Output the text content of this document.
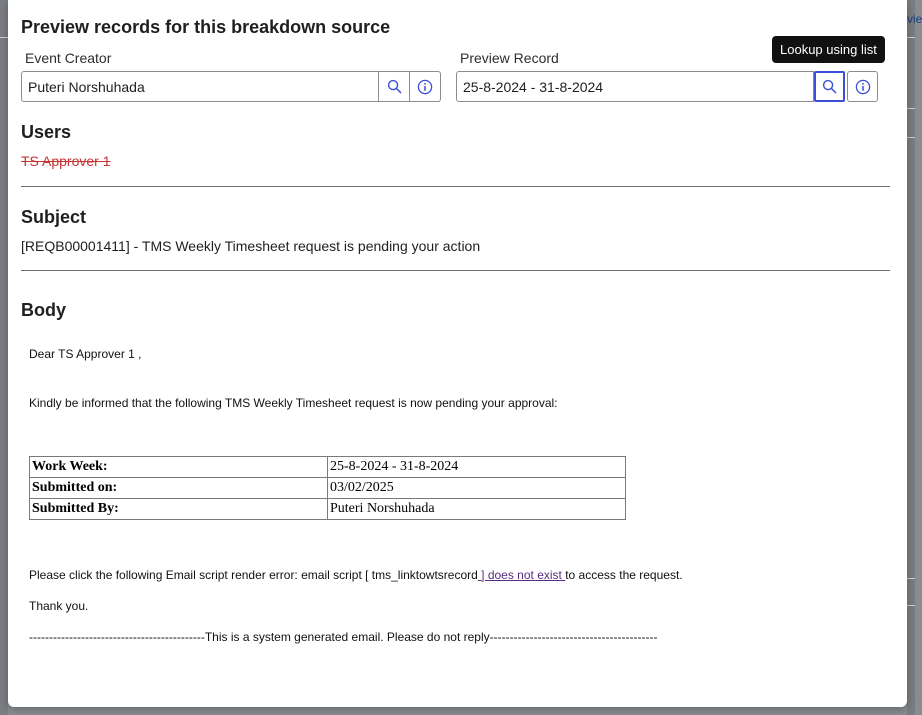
vie
Preview records for this breakdown source
Event Creator
Puteri Norshuhada	Preview Record
25-8-2024 - 31-8-2024
Lookup using list
Users
TS Approver 1
Subject
[REQB00001411] - TMS Weekly Timesheet request is pending your action
Body
Dear TS Approver 1 ,
Kindly be informed that the following TMS Weekly Timesheet request is now pending your approval:
Work Week:	25-8-2024 - 31-8-2024
Submitted on:	03/02/2025
Submitted By:	Puteri Norshuhada
Please click the following Email script render error: email script [ tms_linktowtsrecord ] does not exist to access the request.
Thank you.
--------------------------------------------This is a system generated email. Please do not reply------------------------------------------
